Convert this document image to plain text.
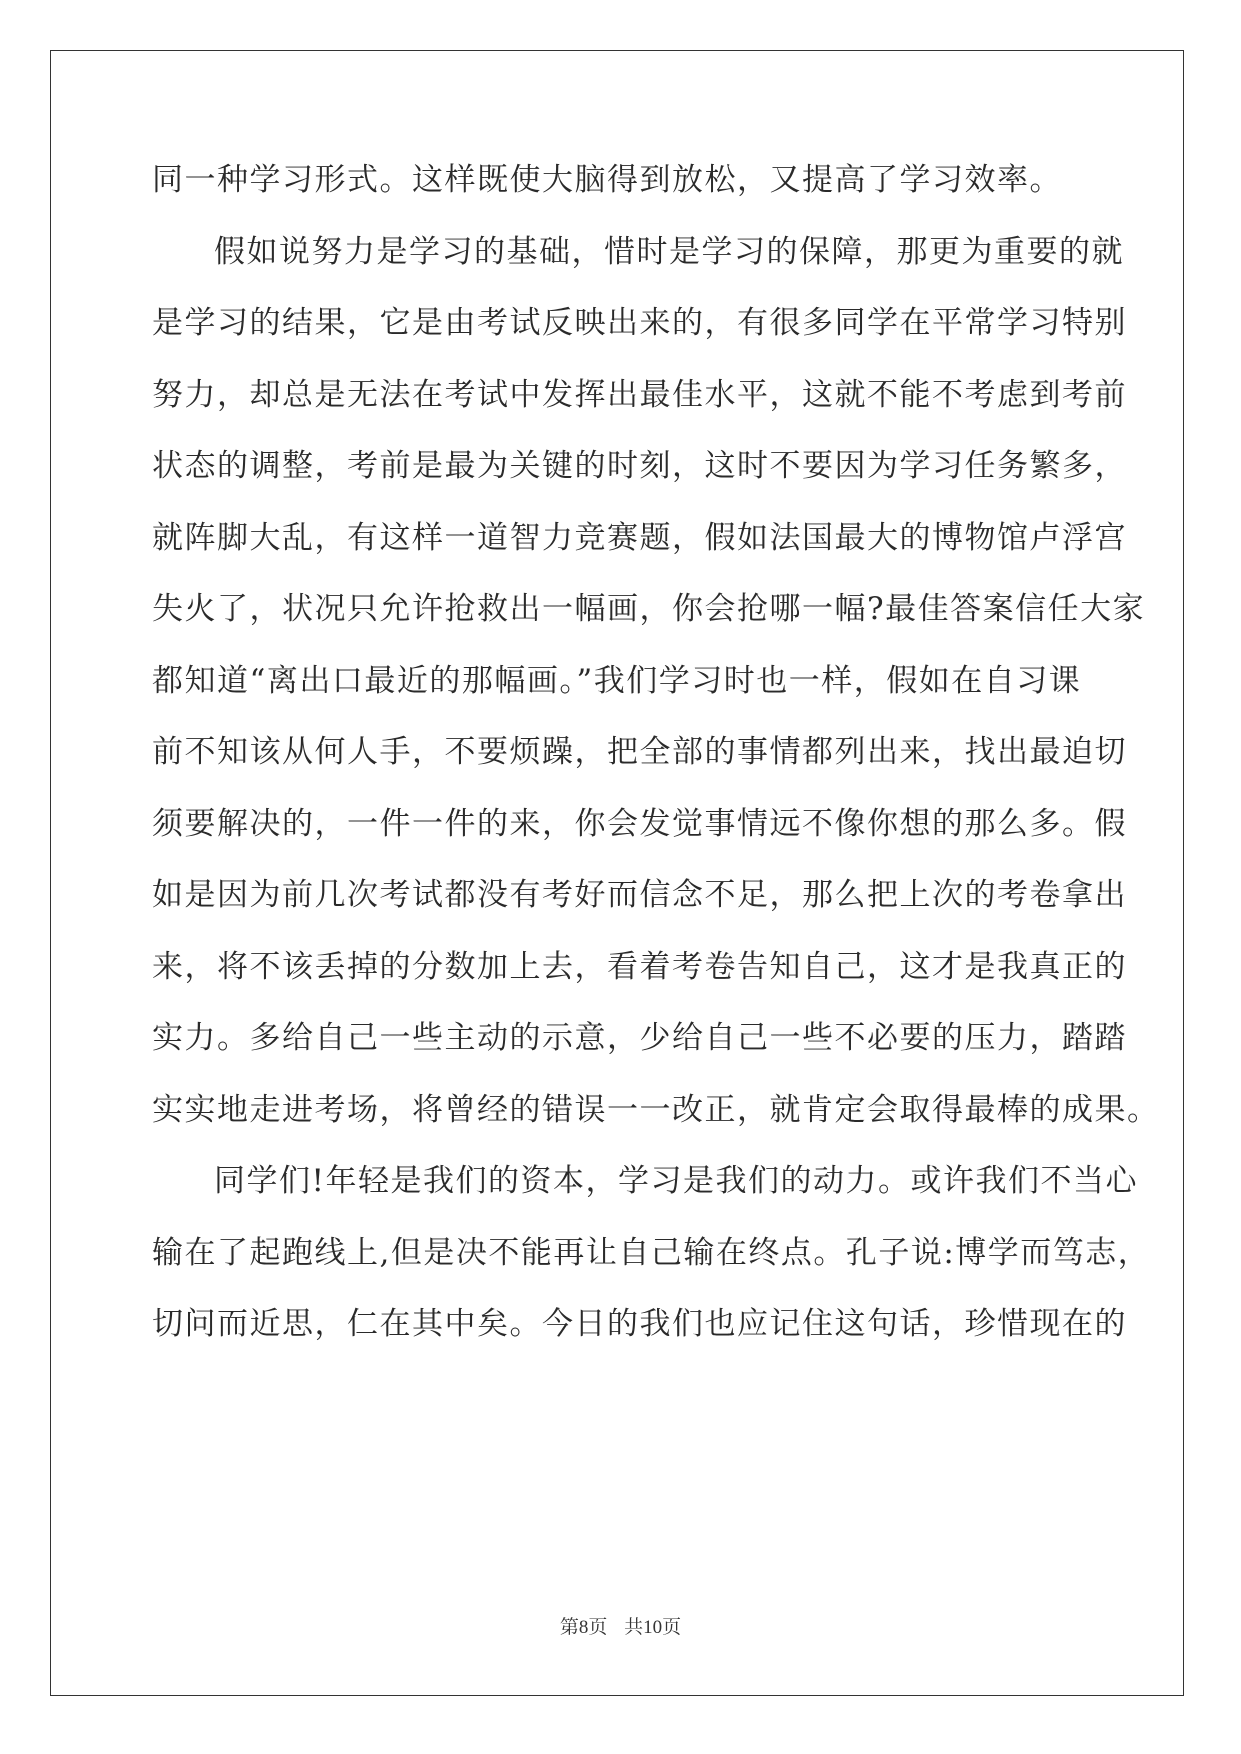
同一种学习形式。这样既使大脑得到放松，又提高了学习效率。
假如说努力是学习的基础，惜时是学习的保障，那更为重要的就
是学习的结果，它是由考试反映出来的，有很多同学在平常学习特别
努力，却总是无法在考试中发挥出最佳水平，这就不能不考虑到考前
状态的调整，考前是最为关键的时刻，这时不要因为学习任务繁多，
就阵脚大乱，有这样一道智力竞赛题，假如法国最大的博物馆卢浮宫
失火了，状况只允许抢救出一幅画，你会抢哪一幅?最佳答案信任大家
都知道“离出口最近的那幅画。”我们学习时也一样，假如在自习课
前不知该从何人手，不要烦躁，把全部的事情都列出来，找出最迫切
须要解决的，一件一件的来，你会发觉事情远不像你想的那么多。假
如是因为前几次考试都没有考好而信念不足，那么把上次的考卷拿出
来，将不该丢掉的分数加上去，看着考卷告知自己，这才是我真正的
实力。多给自己一些主动的示意，少给自己一些不必要的压力，踏踏
实实地走进考场，将曾经的错误一一改正，就肯定会取得最棒的成果。
同学们!年轻是我们的资本，学习是我们的动力。或许我们不当心
输在了起跑线上,但是决不能再让自己输在终点。孔子说:博学而笃志，
切问而近思，仁在其中矣。今日的我们也应记住这句话，珍惜现在的
第8页 共10页
